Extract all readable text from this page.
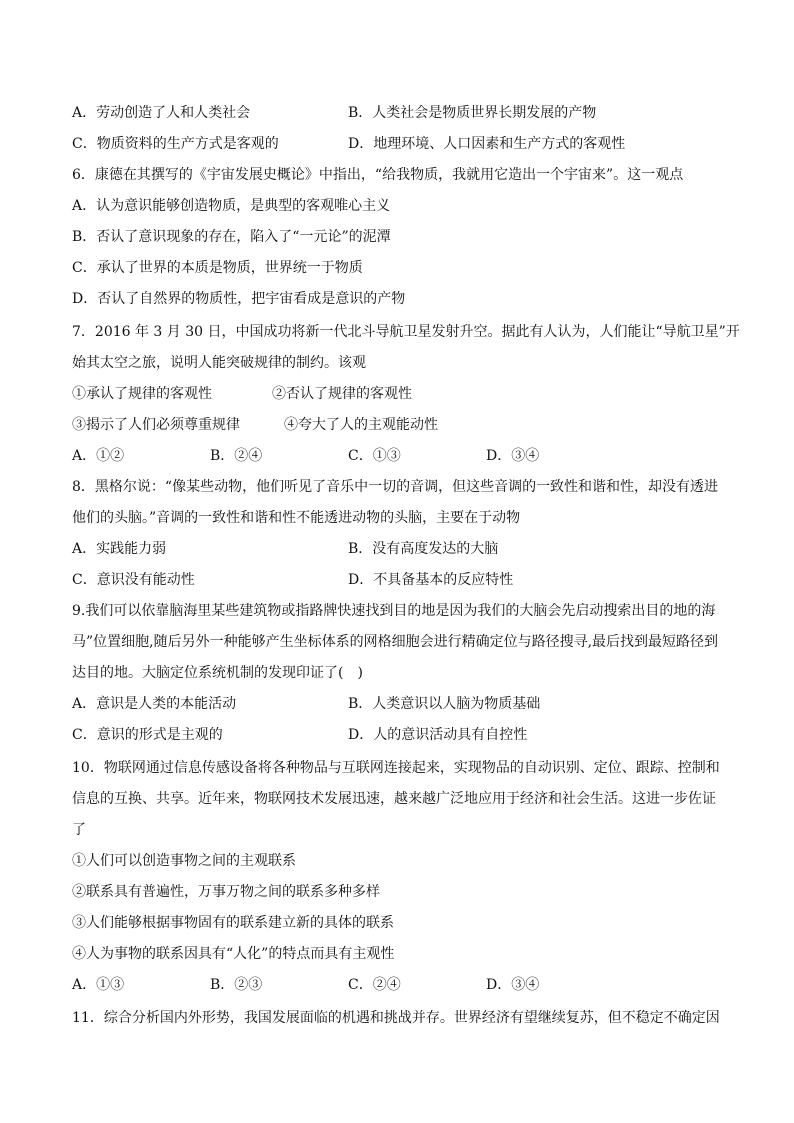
A．劳动创造了人和人类社会	B．人类社会是物质世界长期发展的产物
C．物质资料的生产方式是客观的	D．地理环境、人口因素和生产方式的客观性
6．康德在其撰写的《宇宙发展史概论》中指出，“给我物质，我就用它造出一个宇宙来”。这一观点
A．认为意识能够创造物质，是典型的客观唯心主义
B．否认了意识现象的存在，陷入了“一元论”的泥潭
C．承认了世界的本质是物质，世界统一于物质
D．否认了自然界的物质性，把宇宙看成是意识的产物
7．2016 年 3 月 30 日，中国成功将新一代北斗导航卫星发射升空。据此有人认为，人们能让“导航卫星”开
始其太空之旅，说明人能突破规律的制约。该观
①承认了规律的客观性	②否认了规律的客观性
③揭示了人们必须尊重规律	④夸大了人的主观能动性
A．①②	B．②④	C．①③	D．③④
8．黑格尔说：“像某些动物，他们听见了音乐中一切的音调，但这些音调的一致性和谐和性，却没有透进
他们的头脑。”音调的一致性和谐和性不能透进动物的头脑，主要在于动物
A．实践能力弱	B．没有高度发达的大脑
C．意识没有能动性	D．不具备基本的反应特性
9.我们可以依靠脑海里某些建筑物或指路牌快速找到目的地是因为我们的大脑会先启动搜索出目的地的海
马”位置细胞,随后另外一种能够产生坐标体系的网格细胞会进行精确定位与路径搜寻,最后找到最短路径到
达目的地。大脑定位系统机制的发现印证了(　)
A．意识是人类的本能活动	B．人类意识以人脑为物质基础
C．意识的形式是主观的	D．人的意识活动具有自控性
10．物联网通过信息传感设备将各种物品与互联网连接起来，实现物品的自动识别、定位、跟踪、控制和
信息的互换、共享。近年来，物联网技术发展迅速，越来越广泛地应用于经济和社会生活。这进一步佐证
了
①人们可以创造事物之间的主观联系
②联系具有普遍性，万事万物之间的联系多种多样
③人们能够根据事物固有的联系建立新的具体的联系
④人为事物的联系因具有“人化”的特点而具有主观性
A．①③	B．②③	C．②④	D．③④
11．综合分析国内外形势，我国发展面临的机遇和挑战并存。世界经济有望继续复苏，但不稳定不确定因
